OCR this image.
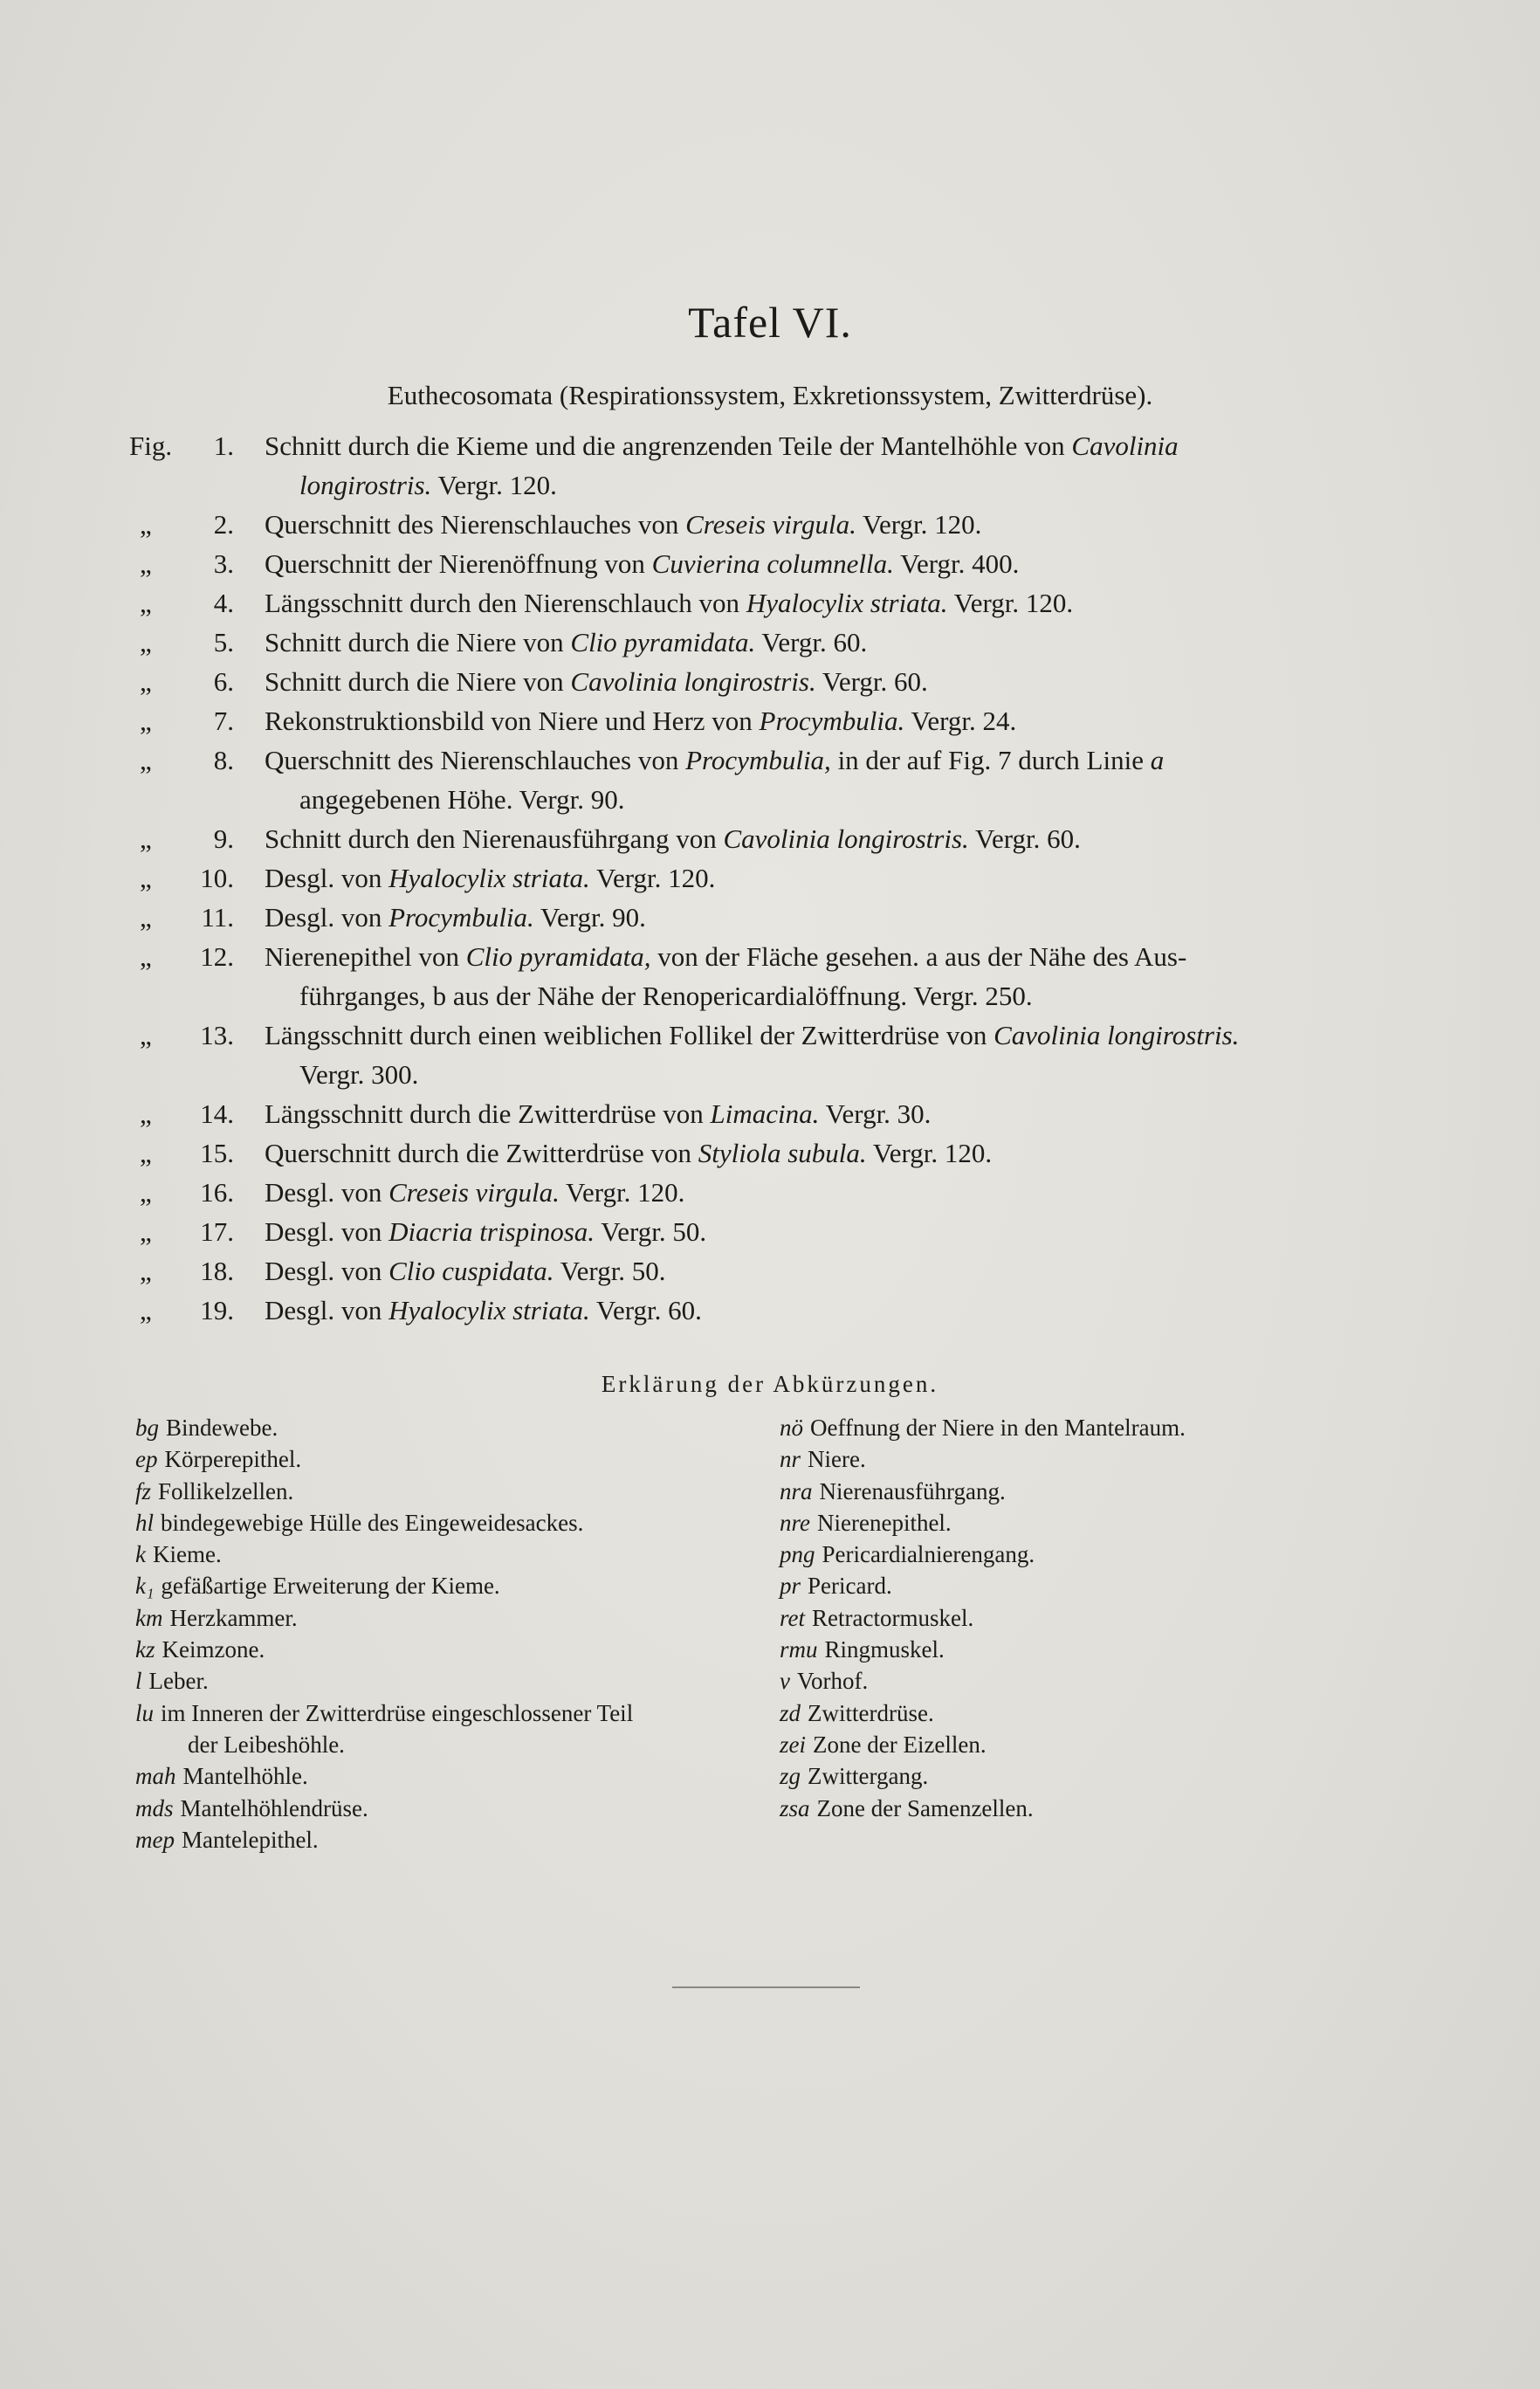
Tafel VI.
Euthecosomata (Respirationssystem, Exkretionssystem, Zwitterdrüse).
Fig. 1. Schnitt durch die Kieme und die angrenzenden Teile der Mantelhöhle von Cavolinia
longirostris. Vergr. 120.
„ 2. Querschnitt des Nierenschlauches von Creseis virgula. Vergr. 120.
„ 3. Querschnitt der Nierenöffnung von Cuvierina columnella. Vergr. 400.
„ 4. Längsschnitt durch den Nierenschlauch von Hyalocylix striata. Vergr. 120.
„ 5. Schnitt durch die Niere von Clio pyramidata. Vergr. 60.
„ 6. Schnitt durch die Niere von Cavolinia longirostris. Vergr. 60.
„ 7. Rekonstruktionsbild von Niere und Herz von Procymbulia. Vergr. 24.
„ 8. Querschnitt des Nierenschlauches von Procymbulia, in der auf Fig. 7 durch Linie a
angegebenen Höhe. Vergr. 90.
„ 9. Schnitt durch den Nierenausführgang von Cavolinia longirostris. Vergr. 60.
„ 10. Desgl. von Hyalocylix striata. Vergr. 120.
„ 11. Desgl. von Procymbulia. Vergr. 90.
„ 12. Nierenepithel von Clio pyramidata, von der Fläche gesehen. a aus der Nähe des Aus-
führganges, b aus der Nähe der Renopericardialöffnung. Vergr. 250.
„ 13. Längsschnitt durch einen weiblichen Follikel der Zwitterdrüse von Cavolinia longirostris.
Vergr. 300.
„ 14. Längsschnitt durch die Zwitterdrüse von Limacina. Vergr. 30.
„ 15. Querschnitt durch die Zwitterdrüse von Styliola subula. Vergr. 120.
„ 16. Desgl. von Creseis virgula. Vergr. 120.
„ 17. Desgl. von Diacria trispinosa. Vergr. 50.
„ 18. Desgl. von Clio cuspidata. Vergr. 50.
„ 19. Desgl. von Hyalocylix striata. Vergr. 60.
Erklärung der Abkürzungen.
bg Bindewebe.
ep Körperepithel.
fz Follikelzellen.
hl bindegewebige Hülle des Eingeweidesackes.
k Kieme.
k₁ gefäßartige Erweiterung der Kieme.
km Herzkammer.
kz Keimzone.
l Leber.
lu im Inneren der Zwitterdrüse eingeschlossener Teil
der Leibeshöhle.
mah Mantelhöhle.
mds Mantelhöhlendrüse.
mep Mantelepithel.
nö Oeffnung der Niere in den Mantelraum.
nr Niere.
nra Nierenausführgang.
nre Nierenepithel.
png Pericardialnierengang.
pr Pericard.
ret Retractormuskel.
rmu Ringmuskel.
v Vorhof.
zd Zwitterdrüse.
zei Zone der Eizellen.
zg Zwittergang.
zsa Zone der Samenzellen.
